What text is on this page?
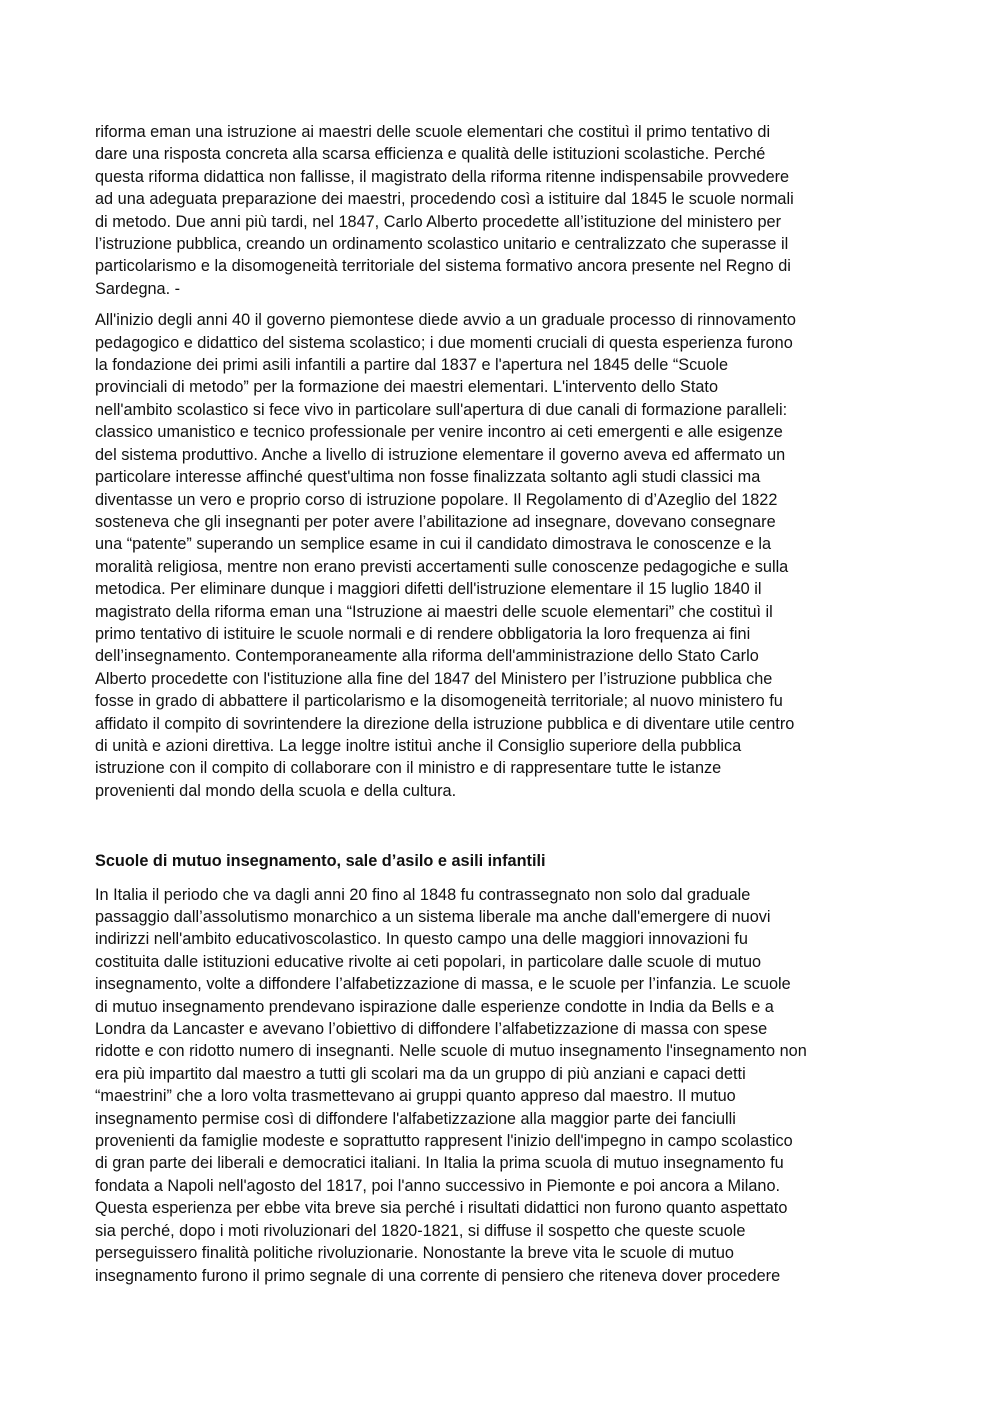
riforma eman una istruzione ai maestri delle scuole elementari che costituì il primo tentativo di
dare una risposta concreta alla scarsa efficienza e qualità delle istituzioni scolastiche. Perché
questa riforma didattica non fallisse, il magistrato della riforma ritenne indispensabile provvedere
ad una adeguata preparazione dei maestri, procedendo così a istituire dal 1845 le scuole normali
di metodo. Due anni più tardi, nel 1847, Carlo Alberto procedette all’istituzione del ministero per
l’istruzione pubblica, creando un ordinamento scolastico unitario e centralizzato che superasse il
particolarismo e la disomogeneità territoriale del sistema formativo ancora presente nel Regno di
Sardegna. -

All'inizio degli anni 40 il governo piemontese diede avvio a un graduale processo di rinnovamento
pedagogico e didattico del sistema scolastico; i due momenti cruciali di questa esperienza furono
la fondazione dei primi asili infantili a partire dal 1837 e l'apertura nel 1845 delle “Scuole
provinciali di metodo” per la formazione dei maestri elementari. L'intervento dello Stato
nell'ambito scolastico si fece vivo in particolare sull'apertura di due canali di formazione paralleli:
classico umanistico e tecnico professionale per venire incontro ai ceti emergenti e alle esigenze
del sistema produttivo. Anche a livello di istruzione elementare il governo aveva ed affermato un
particolare interesse affinché quest'ultima non fosse finalizzata soltanto agli studi classici ma
diventasse un vero e proprio corso di istruzione popolare. Il Regolamento di d’Azeglio del 1822
sosteneva che gli insegnanti per poter avere l’abilitazione ad insegnare, dovevano consegnare
una “patente” superando un semplice esame in cui il candidato dimostrava le conoscenze e la
moralità religiosa, mentre non erano previsti accertamenti sulle conoscenze pedagogiche e sulla
metodica. Per eliminare dunque i maggiori difetti dell'istruzione elementare il 15 luglio 1840 il
magistrato della riforma eman una “Istruzione ai maestri delle scuole elementari” che costituì il
primo tentativo di istituire le scuole normali e di rendere obbligatoria la loro frequenza ai fini
dell’insegnamento. Contemporaneamente alla riforma dell'amministrazione dello Stato Carlo
Alberto procedette con l'istituzione alla fine del 1847 del Ministero per l’istruzione pubblica che
fosse in grado di abbattere il particolarismo e la disomogeneità territoriale; al nuovo ministero fu
affidato il compito di sovrintendere la direzione della istruzione pubblica e di diventare utile centro
di unità e azioni direttiva. La legge inoltre istituì anche il Consiglio superiore della pubblica
istruzione con il compito di collaborare con il ministro e di rappresentare tutte le istanze
provenienti dal mondo della scuola e della cultura.

Scuole di mutuo insegnamento, sale d’asilo e asili infantili

In Italia il periodo che va dagli anni 20 fino al 1848 fu contrassegnato non solo dal graduale
passaggio dall’assolutismo monarchico a un sistema liberale ma anche dall'emergere di nuovi
indirizzi nell'ambito educativoscolastico. In questo campo una delle maggiori innovazioni fu
costituita dalle istituzioni educative rivolte ai ceti popolari, in particolare dalle scuole di mutuo
insegnamento, volte a diffondere l’alfabetizzazione di massa, e le scuole per l’infanzia. Le scuole
di mutuo insegnamento prendevano ispirazione dalle esperienze condotte in India da Bells e a
Londra da Lancaster e avevano l’obiettivo di diffondere l’alfabetizzazione di massa con spese
ridotte e con ridotto numero di insegnanti. Nelle scuole di mutuo insegnamento l'insegnamento non
era più impartito dal maestro a tutti gli scolari ma da un gruppo di più anziani e capaci detti
“maestrini” che a loro volta trasmettevano ai gruppi quanto appreso dal maestro. Il mutuo
insegnamento permise così di diffondere l'alfabetizzazione alla maggior parte dei fanciulli
provenienti da famiglie modeste e soprattutto rappresent l'inizio dell'impegno in campo scolastico
di gran parte dei liberali e democratici italiani. In Italia la prima scuola di mutuo insegnamento fu
fondata a Napoli nell'agosto del 1817, poi l'anno successivo in Piemonte e poi ancora a Milano.
Questa esperienza per ebbe vita breve sia perché i risultati didattici non furono quanto aspettato
sia perché, dopo i moti rivoluzionari del 1820-1821, si diffuse il sospetto che queste scuole
perseguissero finalità politiche rivoluzionarie. Nonostante la breve vita le scuole di mutuo
insegnamento furono il primo segnale di una corrente di pensiero che riteneva dover procedere
